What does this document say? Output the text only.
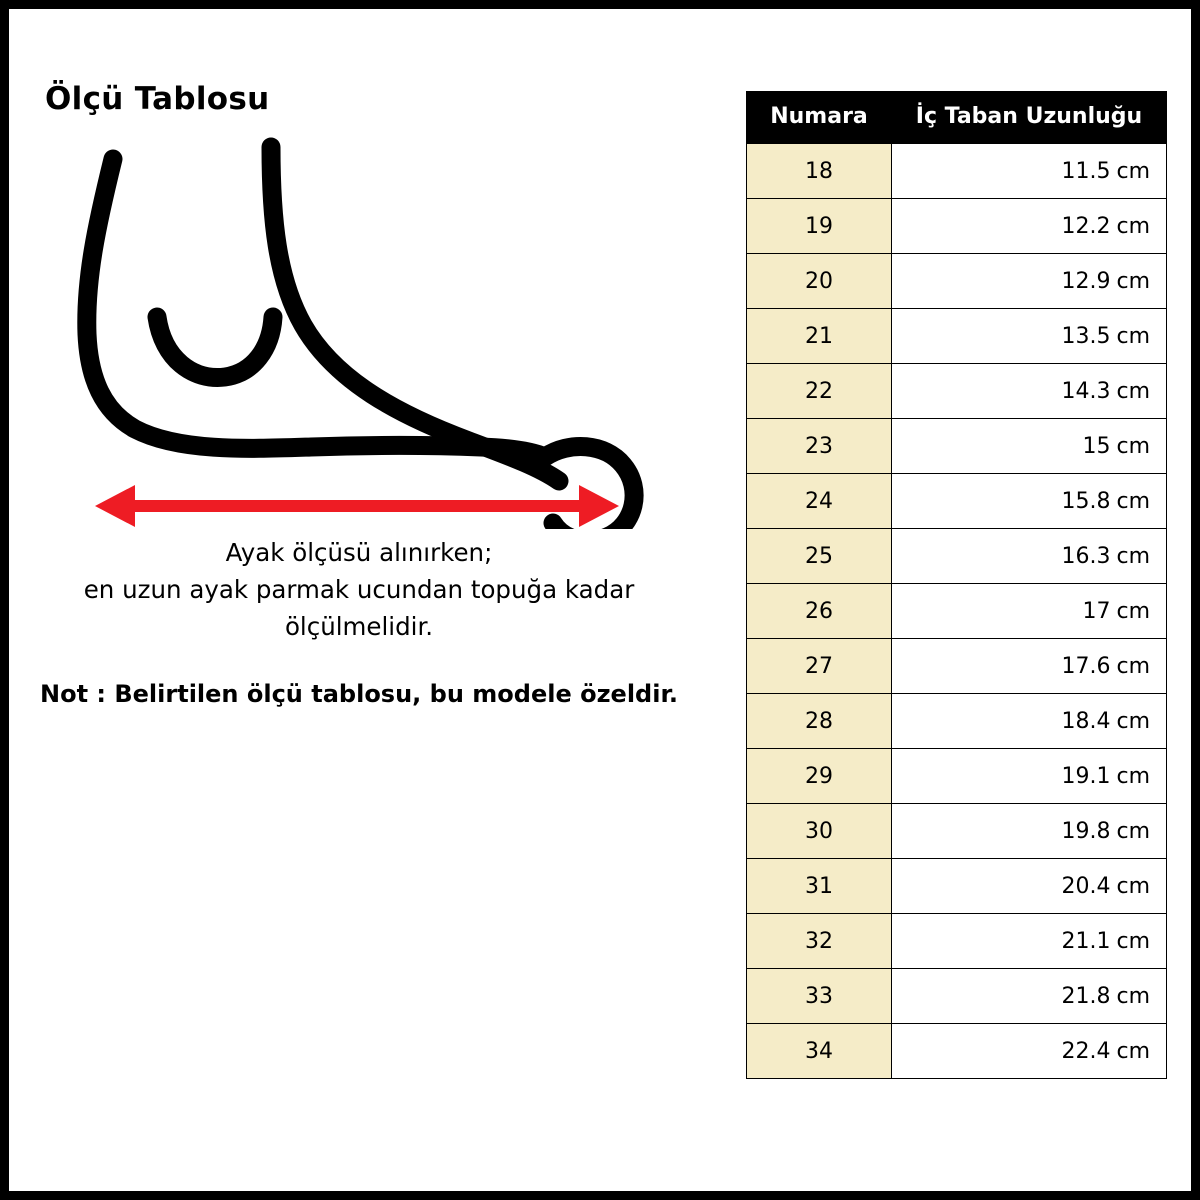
Ölçü Tablosu
Ayak ölçüsü alınırken;
en uzun ayak parmak ucundan topuğa kadar
ölçülmelidir.
Not : Belirtilen ölçü tablosu, bu modele özeldir.
Numara	İç Taban Uzunluğu
18	11.5 cm
19	12.2 cm
20	12.9 cm
21	13.5 cm
22	14.3 cm
23	15 cm
24	15.8 cm
25	16.3 cm
26	17 cm
27	17.6 cm
28	18.4 cm
29	19.1 cm
30	19.8 cm
31	20.4 cm
32	21.1 cm
33	21.8 cm
34	22.4 cm
